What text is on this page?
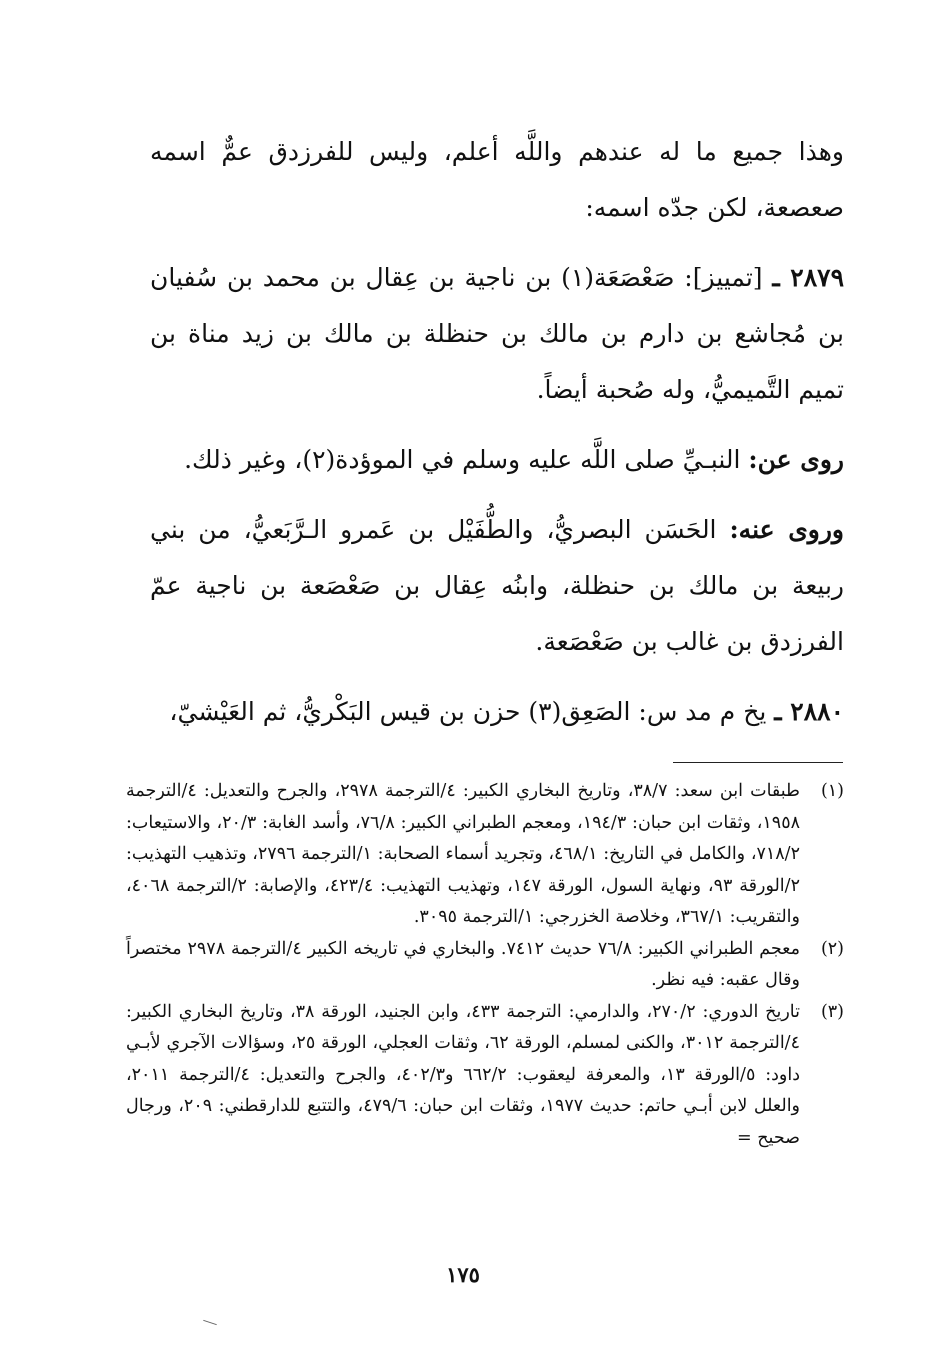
وهذا جميع ما له عندهم واللَّه أعلم، وليس للفرزدق عمٌّ اسمه صعصعة، لكن جدّه اسمه:

٢٨٧٩ ـ [تمييز]: صَعْصَعَة(١) بن ناجية بن عِقال بن محمد بن سُفيان بن مُجاشع بن دارم بن مالك بن حنظلة بن مالك بن زيد مناة بن تميم التَّميميُّ، وله صُحبة أيضاً.

روى عن: النبـيِّ صلى اللَّه عليه وسلم في الموؤدة(٢)، وغير ذلك.

وروى عنه: الحَسَن البصريُّ، والطُّفَيْل بن عَمرو الـرَّبَعيُّ، من بني ربيعة بن مالك بن حنظلة، وابنُه عِقال بن صَعْصَعة بن ناجية عمّ الفرزدق بن غالب بن صَعْصَعة.

٢٨٨٠ ـ يخ م مد س: الصَعِق(٣) حزن بن قيس البَكْريُّ، ثم العَيْشيّ،

(١)
طبقات ابن سعد: ٣٨/٧، وتاريخ البخاري الكبير: ٤/الترجمة ٢٩٧٨، والجرح والتعديل: ٤/الترجمة ١٩٥٨، وثقات ابن حبان: ١٩٤/٣، ومعجم الطبراني الكبير: ٧٦/٨، وأسد الغابة: ٢٠/٣، والاستيعاب: ٧١٨/٢، والكامل في التاريخ: ٤٦٨/١، وتجريد أسماء الصحابة: ١/الترجمة ٢٧٩٦، وتذهيب التهذيب: ٢/الورقة ٩٣، ونهاية السول، الورقة ١٤٧، وتهذيب التهذيب: ٤٢٣/٤، والإصابة: ٢/الترجمة ٤٠٦٨، والتقريب: ٣٦٧/١، وخلاصة الخزرجي: ١/الترجمة ٣٠٩٥.
(٢)
معجم الطبراني الكبير: ٧٦/٨ حديث ٧٤١٢. والبخاري في تاريخه الكبير ٤/الترجمة ٢٩٧٨ مختصراً وقال عقبه: فيه نظر.
(٣)
تاريخ الدوري: ٢٧٠/٢، والدارمي: الترجمة ٤٣٣، وابن الجنيد، الورقة ٣٨، وتاريخ البخاري الكبير: ٤/الترجمة ٣٠١٢، والكنى لمسلم، الورقة ٦٢، وثقات العجلي، الورقة ٢٥، وسؤالات الآجري لأبـي داود: ٥/الورقة ١٣، والمعرفة ليعقوب: ٦٦٢/٢ و٤٠٢/٣، والجرح والتعديل: ٤/الترجمة ٢٠١١، والعلل لابن أبـي حاتم: حديث ١٩٧٧، وثقات ابن حبان: ٤٧٩/٦، والتتبع للدارقطني: ٢٠٩، ورجال صحيح =
١٧٥
